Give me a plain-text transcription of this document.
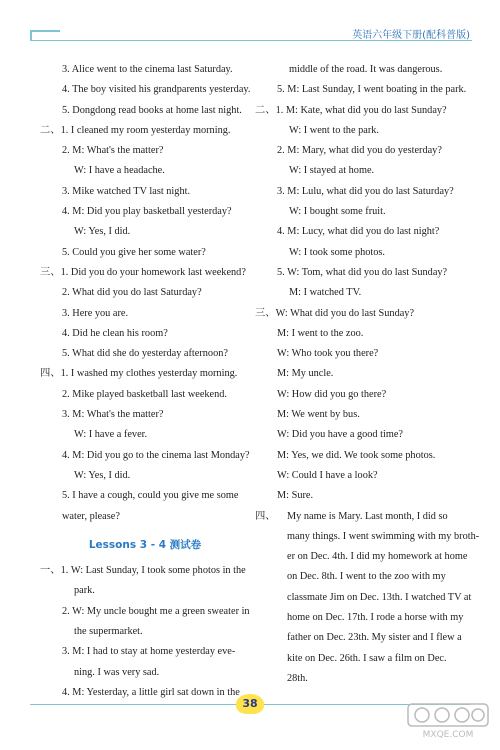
英语六年级下册(配科普版)
3. Alice went to the cinema last Saturday.
4. The boy visited his grandparents yesterday.
5. Dongdong read books at home last night.
二、1. I cleaned my room yesterday morning.
2. M: What's the matter?
W: I have a headache.
3. Mike watched TV last night.
4. M: Did you play basketball yesterday?
W: Yes, I did.
5. Could you give her some water?
三、1. Did you do your homework last weekend?
2. What did you do last Saturday?
3. Here you are.
4. Did he clean his room?
5. What did she do yesterday afternoon?
四、1. I washed my clothes yesterday morning.
2. Mike played basketball last weekend.
3. M: What's the matter?
W: I have a fever.
4. M: Did you go to the cinema last Monday?
W: Yes, I did.
5. I have a cough, could you give me some
water, please?
Lessons 3 - 4 测试卷
一、1. W: Last Sunday, I took some photos in the
park.
2. W: My uncle bought me a green sweater in
the supermarket.
3. M: I had to stay at home yesterday eve-
ning. I was very sad.
4. M: Yesterday, a little girl sat down in the
middle of the road. It was dangerous.
5. M: Last Sunday, I went boating in the park.
二、1. M: Kate, what did you do last Sunday?
W: I went to the park.
2. M: Mary, what did you do yesterday?
W: I stayed at home.
3. M: Lulu, what did you do last Saturday?
W: I bought some fruit.
4. M: Lucy, what did you do last night?
W: I took some photos.
5. W: Tom, what did you do last Sunday?
M: I watched TV.
三、W: What did you do last Sunday?
M: I went to the zoo.
W: Who took you there?
M: My uncle.
W: How did you go there?
M: We went by bus.
W: Did you have a good time?
M: Yes, we did. We took some photos.
W: Could I have a look?
M: Sure.
四、	My name is Mary. Last month, I did so
many things. I went swimming with my broth-
er on Dec. 4th. I did my homework at home
on Dec. 8th. I went to the zoo with my
classmate Jim on Dec. 13th. I watched TV at
home on Dec. 17th. I rode a horse with my
father on Dec. 23th. My sister and I flew a
kite on Dec. 26th. I saw a film on Dec.
28th.
38
MXQE.COM
